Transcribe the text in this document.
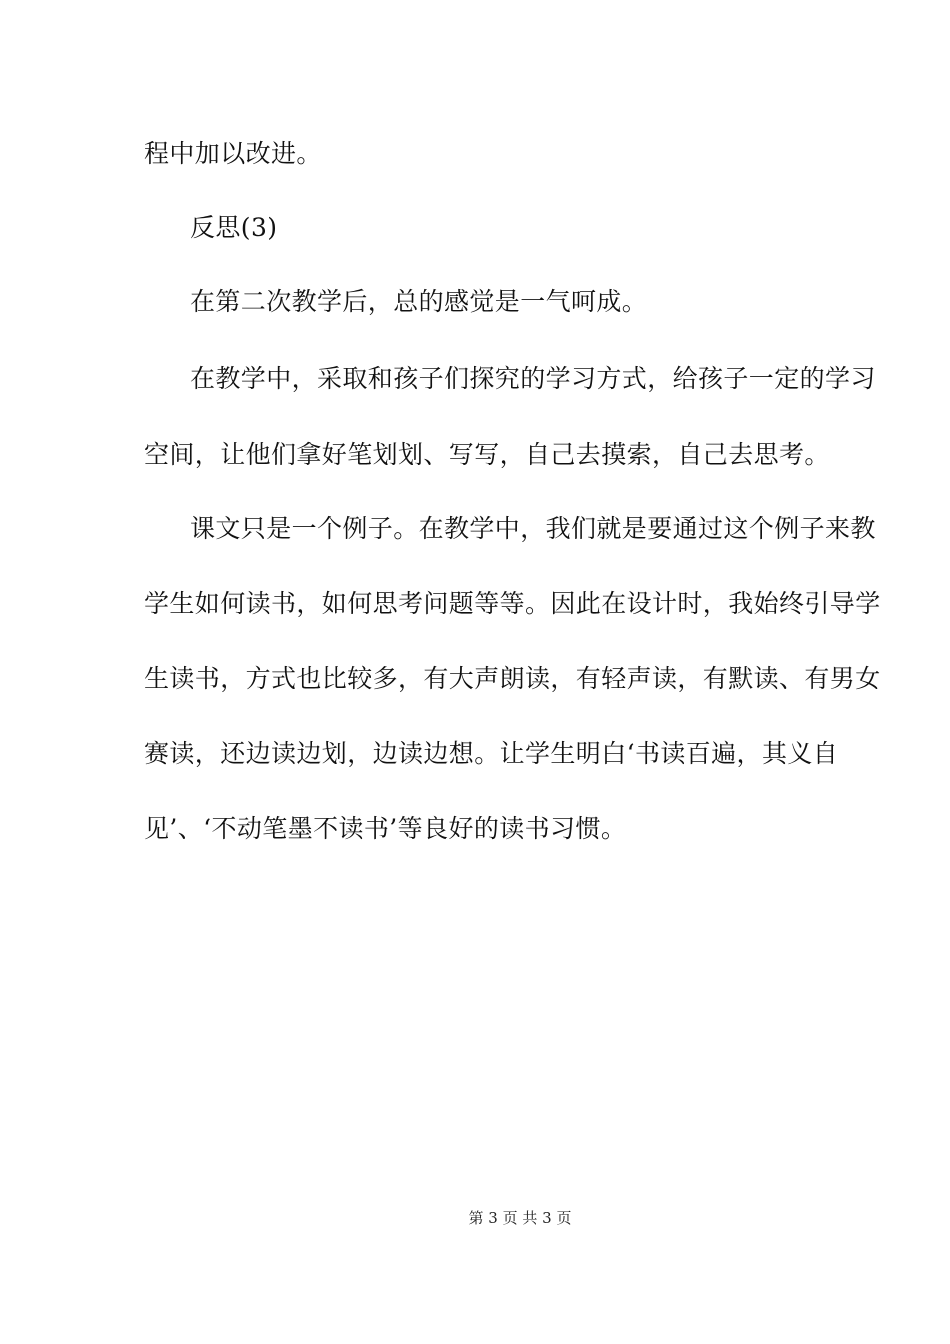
程中加以改进。
反思(3)
在第二次教学后，总的感觉是一气呵成。
在教学中，采取和孩子们探究的学习方式，给孩子一定的学习
空间，让他们拿好笔划划、写写，自己去摸索，自己去思考。
课文只是一个例子。在教学中，我们就是要通过这个例子来教
学生如何读书，如何思考问题等等。因此在设计时，我始终引导学
生读书，方式也比较多，有大声朗读，有轻声读，有默读、有男女
赛读，还边读边划，边读边想。让学生明白‘书读百遍，其义自
见’、‘不动笔墨不读书’等良好的读书习惯。
第 3 页 共 3 页
